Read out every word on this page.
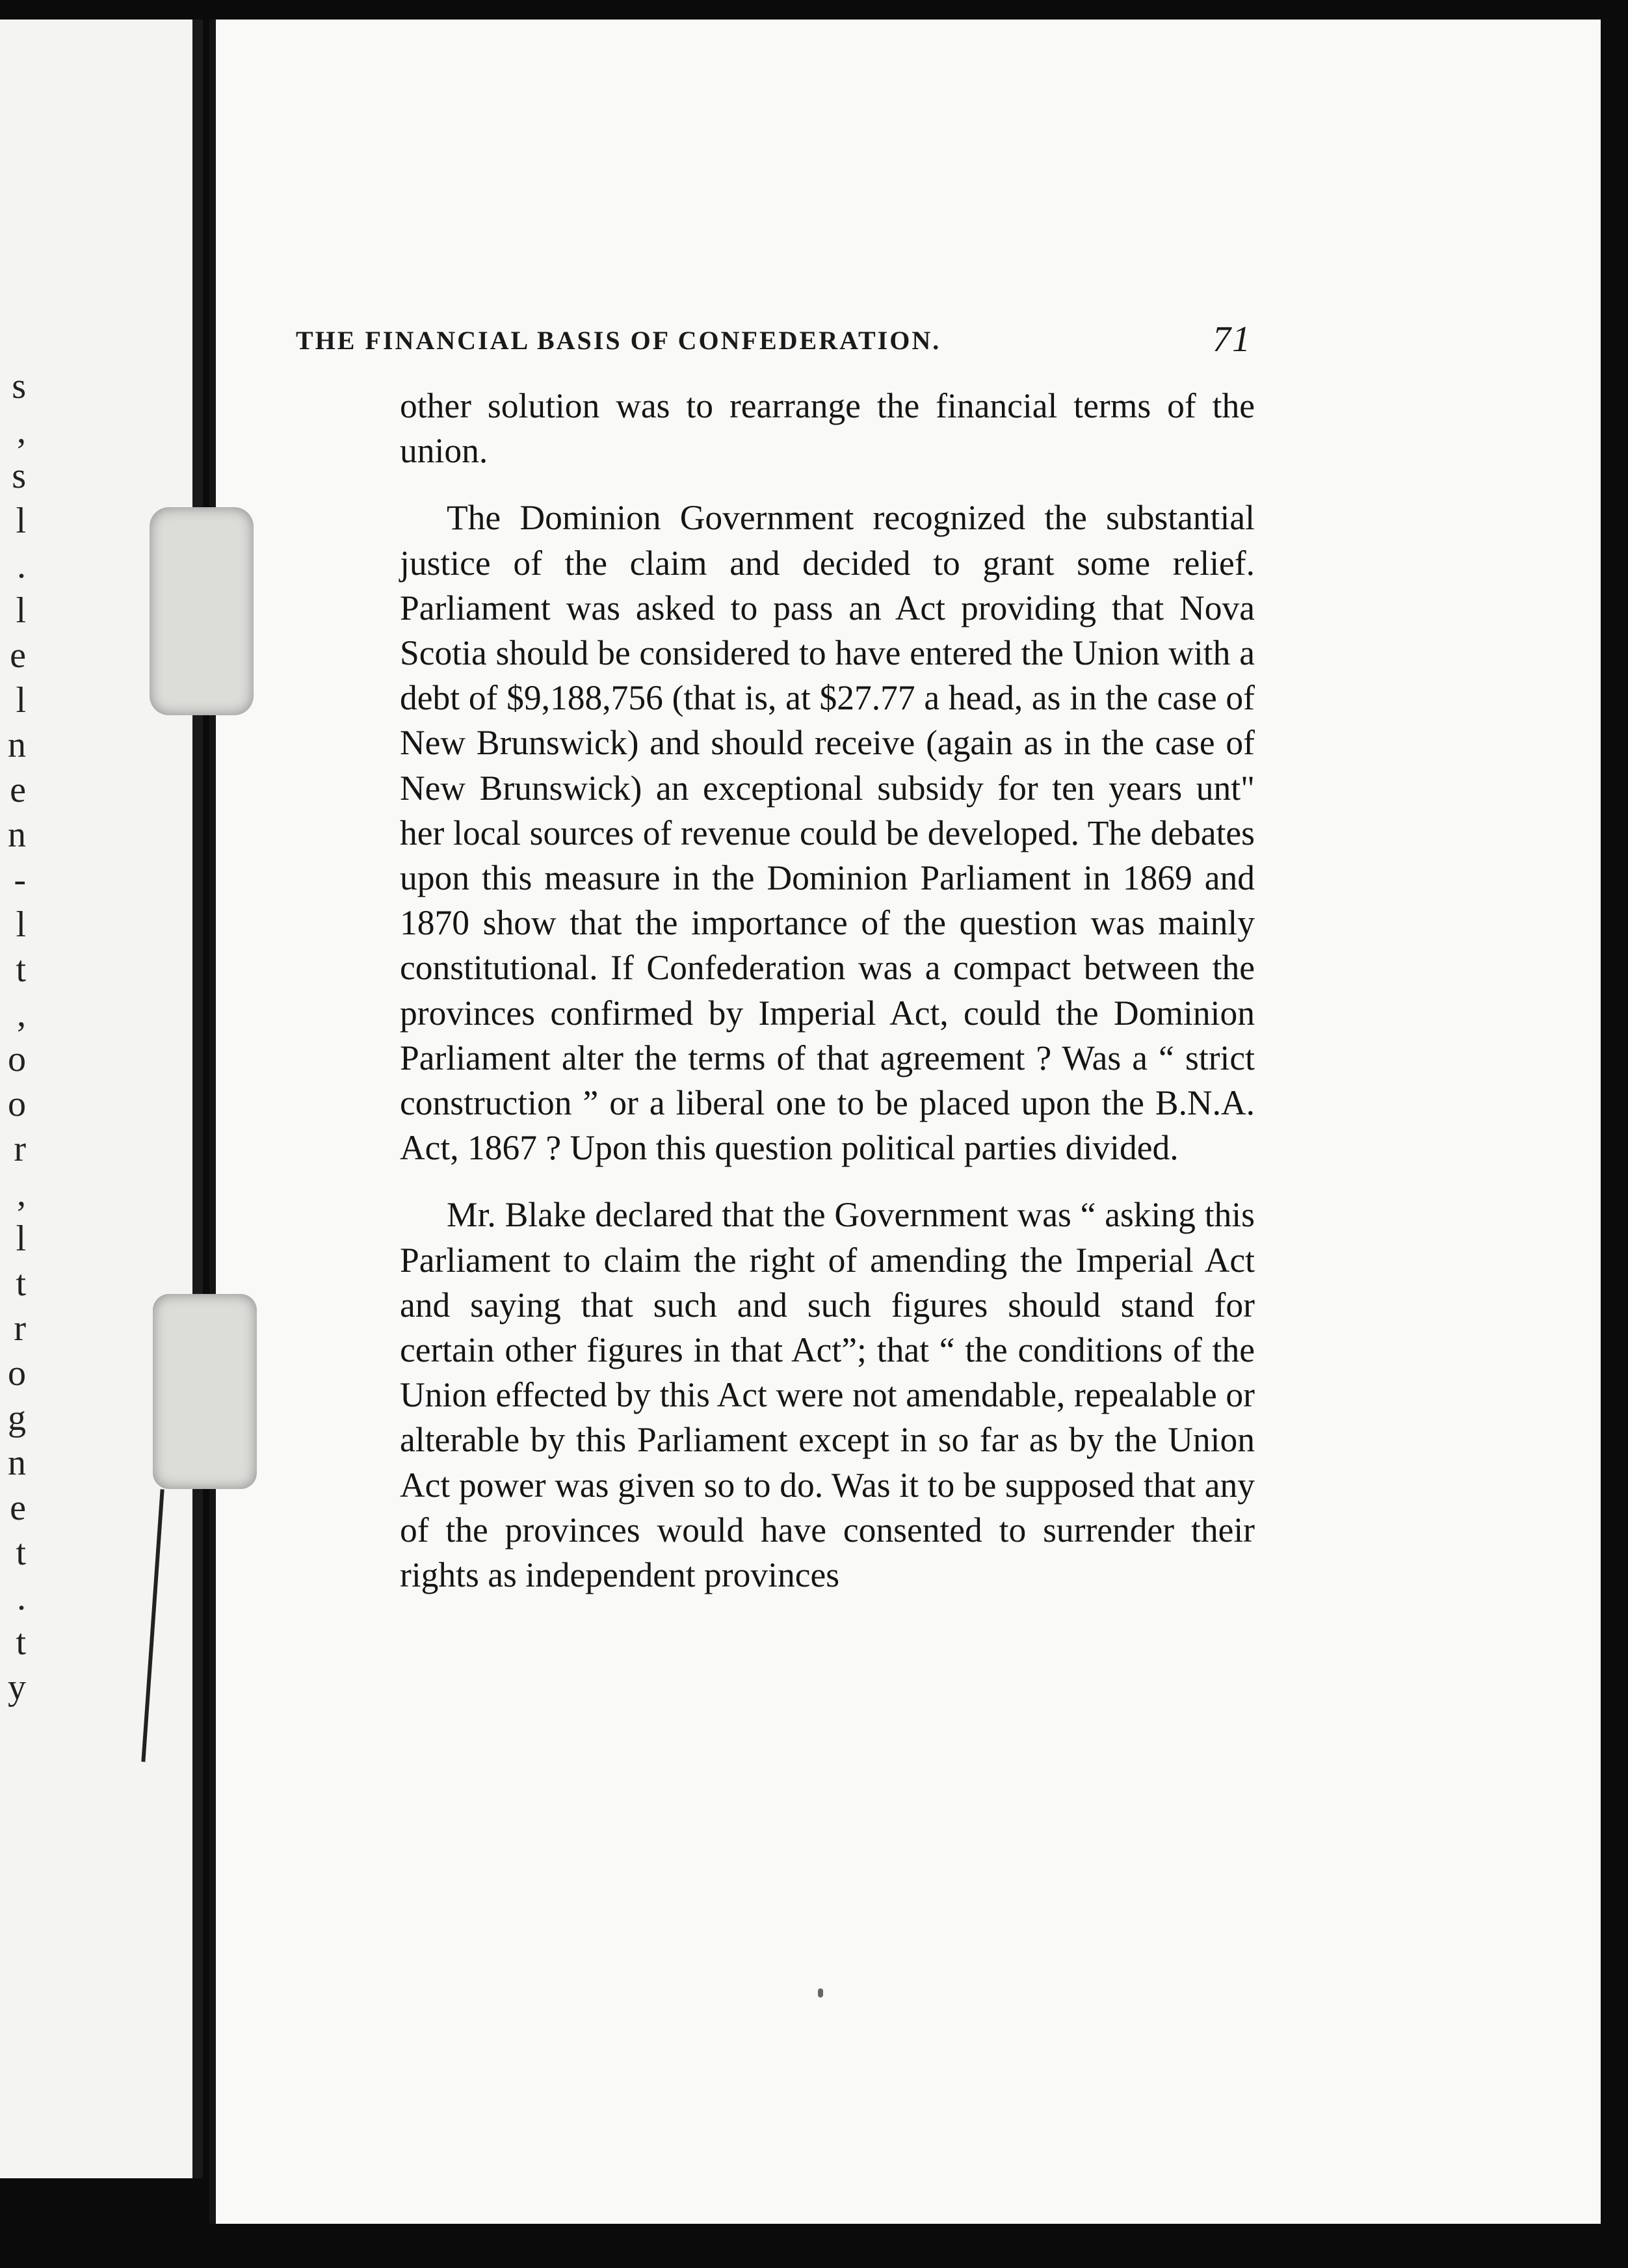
s
,
s
l
.
l
e
l
n
e
n
-
l
t
,
o
o
r
,
l
t
r
o
g
n
e
t
.
t
y
THE FINANCIAL BASIS OF CONFEDERATION.	71

other solution was to rearrange the financial terms of the union.

The Dominion Government recognized the substantial justice of the claim and decided to grant some relief. Parliament was asked to pass an Act providing that Nova Scotia should be considered to have entered the Union with a debt of $9,188,756 (that is, at $27.77 a head, as in the case of New Brunswick) and should receive (again as in the case of New Brunswick) an exceptional subsidy for ten years unt" her local sources of revenue could be developed. The debates upon this measure in the Dominion Parliament in 1869 and 1870 show that the importance of the question was mainly constitutional. If Confederation was a compact between the provinces confirmed by Imperial Act, could the Dominion Parliament alter the terms of that agreement ? Was a “ strict construction ” or a liberal one to be placed upon the B.N.A. Act, 1867 ? Upon this question political parties divided.

Mr. Blake declared that the Government was “ asking this Parliament to claim the right of amending the Imperial Act and saying that such and such figures should stand for certain other figures in that Act”; that “ the conditions of the Union effected by this Act were not amendable, repealable or alterable by this Parliament except in so far as by the Union Act power was given so to do. Was it to be supposed that any of the provinces would have consented to surrender their rights as independent provinces
